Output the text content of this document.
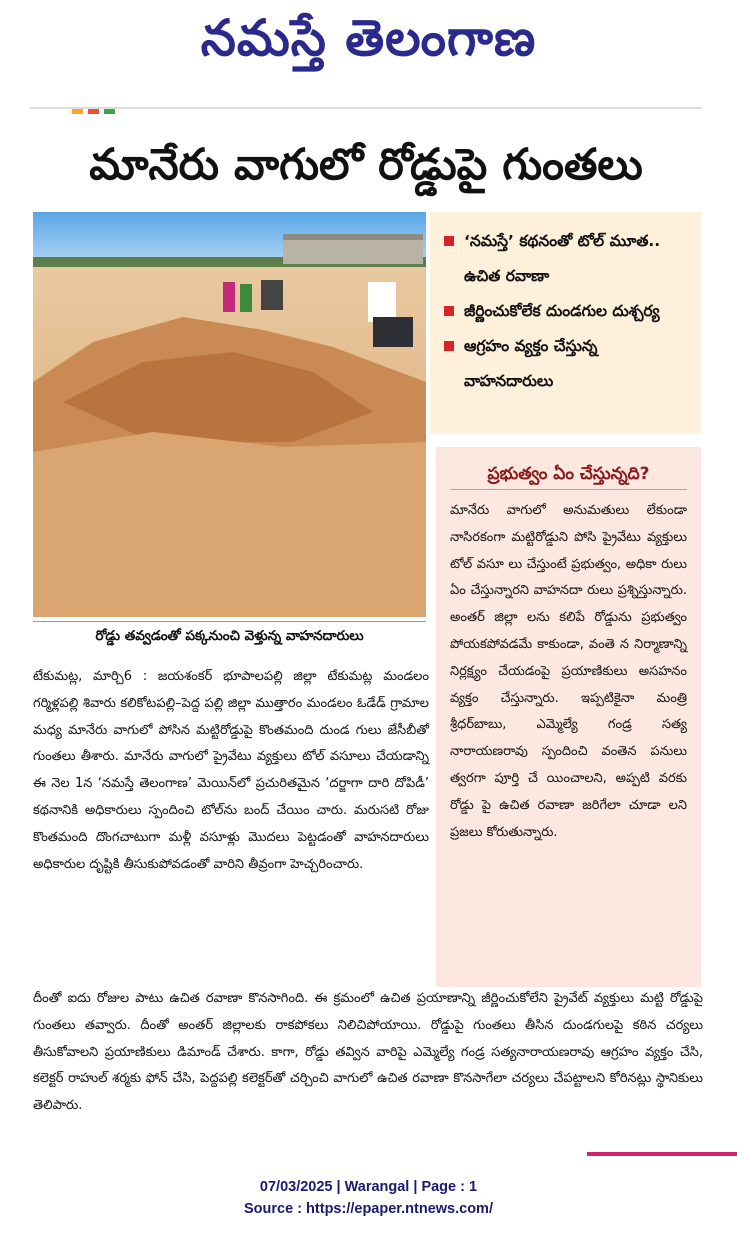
నమస్తే తెలంగాణ
మానేరు వాగులో రోడ్డుపై గుంతలు
రోడ్డు తవ్వడంతో పక్కనుంచి వెళ్తున్న వాహనదారులు
‘నమస్తే’ కథనంతో టోల్ మూత.. ఉచిత రవాణా
జీర్ణించుకోలేక దుండగుల దుశ్చర్య
ఆగ్రహం వ్యక్తం చేస్తున్న వాహనదారులు
ప్రభుత్వం ఏం చేస్తున్నది?
మానేరు వాగులో అనుమతులు లేకుండా నాసిరకంగా మట్టిరోడ్డుని పోసి ప్రైవేటు వ్యక్తులు టోల్ వసూ లు చేస్తుంటే ప్రభుత్వం, అధికా రులు ఏం చేస్తున్నారని వాహనదా రులు ప్రశ్నిస్తున్నారు. అంతర్ జిల్లా లను కలిపే రోడ్డును ప్రభుత్వం పోయకపోవడమే కాకుండా, వంతె న నిర్మాణాన్ని నిర్లక్ష్యం చేయడంపై ప్రయాణికులు అసహనం వ్యక్తం చేస్తున్నారు. ఇప్పటికైనా మంత్రి శ్రీధర్‌బాబు, ఎమ్మెల్యే గండ్ర సత్య నారాయణరావు స్పందించి వంతెన పనులు త్వరగా పూర్తి చే యించాలని, అప్పటి వరకు రోడ్డు పై ఉచిత రవాణా జరిగేలా చూడా లని ప్రజలు కోరుతున్నారు.
టేకుమట్ల, మార్చి6 : జయశంకర్ భూపాలపల్లి జిల్లా టేకుమట్ల మండలం గర్మిళ్లపల్లి శివారు కలికోటపల్లి–పెద్ద పల్లి జిల్లా ముత్తారం మండలం ఓడేడ్ గ్రామాల మధ్య మానేరు వాగులో పోసిన మట్టిరోడ్డుపై కొంతమంది దుండ గులు జేసీబీతో గుంతలు తీశారు. మానేరు వాగులో ప్రైవేటు వ్యక్తులు టోల్ వసూలు చేయడాన్ని ఈ నెల 1న ‘నమస్తే తెలంగాణ’ మెయిన్‌లో ప్రచురితమైన ‘దర్జాగా దారి దోపిడీ’ కథనానికి అధికారులు స్పందించి టోల్‌ను బంద్ చేయిం చారు. మరుసటి రోజు కొంతమంది దొంగచాటుగా మళ్లీ వసూళ్లు మొదలు పెట్టడంతో వాహనదారులు అధికారుల దృష్టికి తీసుకుపోవడంతో వారిని తీవ్రంగా హెచ్చరించారు.
దీంతో ఐదు రోజుల పాటు ఉచిత రవాణా కొనసాగింది. ఈ క్రమంలో ఉచిత ప్రయాణాన్ని జీర్ణించుకోలేని ప్రైవేట్ వ్యక్తులు మట్టి రోడ్డుపై గుంతలు తవ్వారు. దీంతో అంతర్ జిల్లాలకు రాకపోకలు నిలిచిపోయాయి. రోడ్డుపై గుంతలు తీసిన దుండగులపై కఠిన చర్యలు తీసుకోవాలని ప్రయాణికులు డిమాండ్ చేశారు. కాగా, రోడ్డు తవ్విన వారిపై ఎమ్మెల్యే గండ్ర సత్యనారాయణరావు ఆగ్రహం వ్యక్తం చేసి, కలెక్టర్ రాహుల్ శర్మకు ఫోన్ చేసి, పెద్దపల్లి కలెక్టర్‌తో చర్చించి వాగులో ఉచిత రవాణా కొనసాగేలా చర్యలు చేపట్టాలని కోరినట్లు స్థానికులు తెలిపారు.
07/03/2025 | Warangal | Page : 1
Source : https://epaper.ntnews.com/
